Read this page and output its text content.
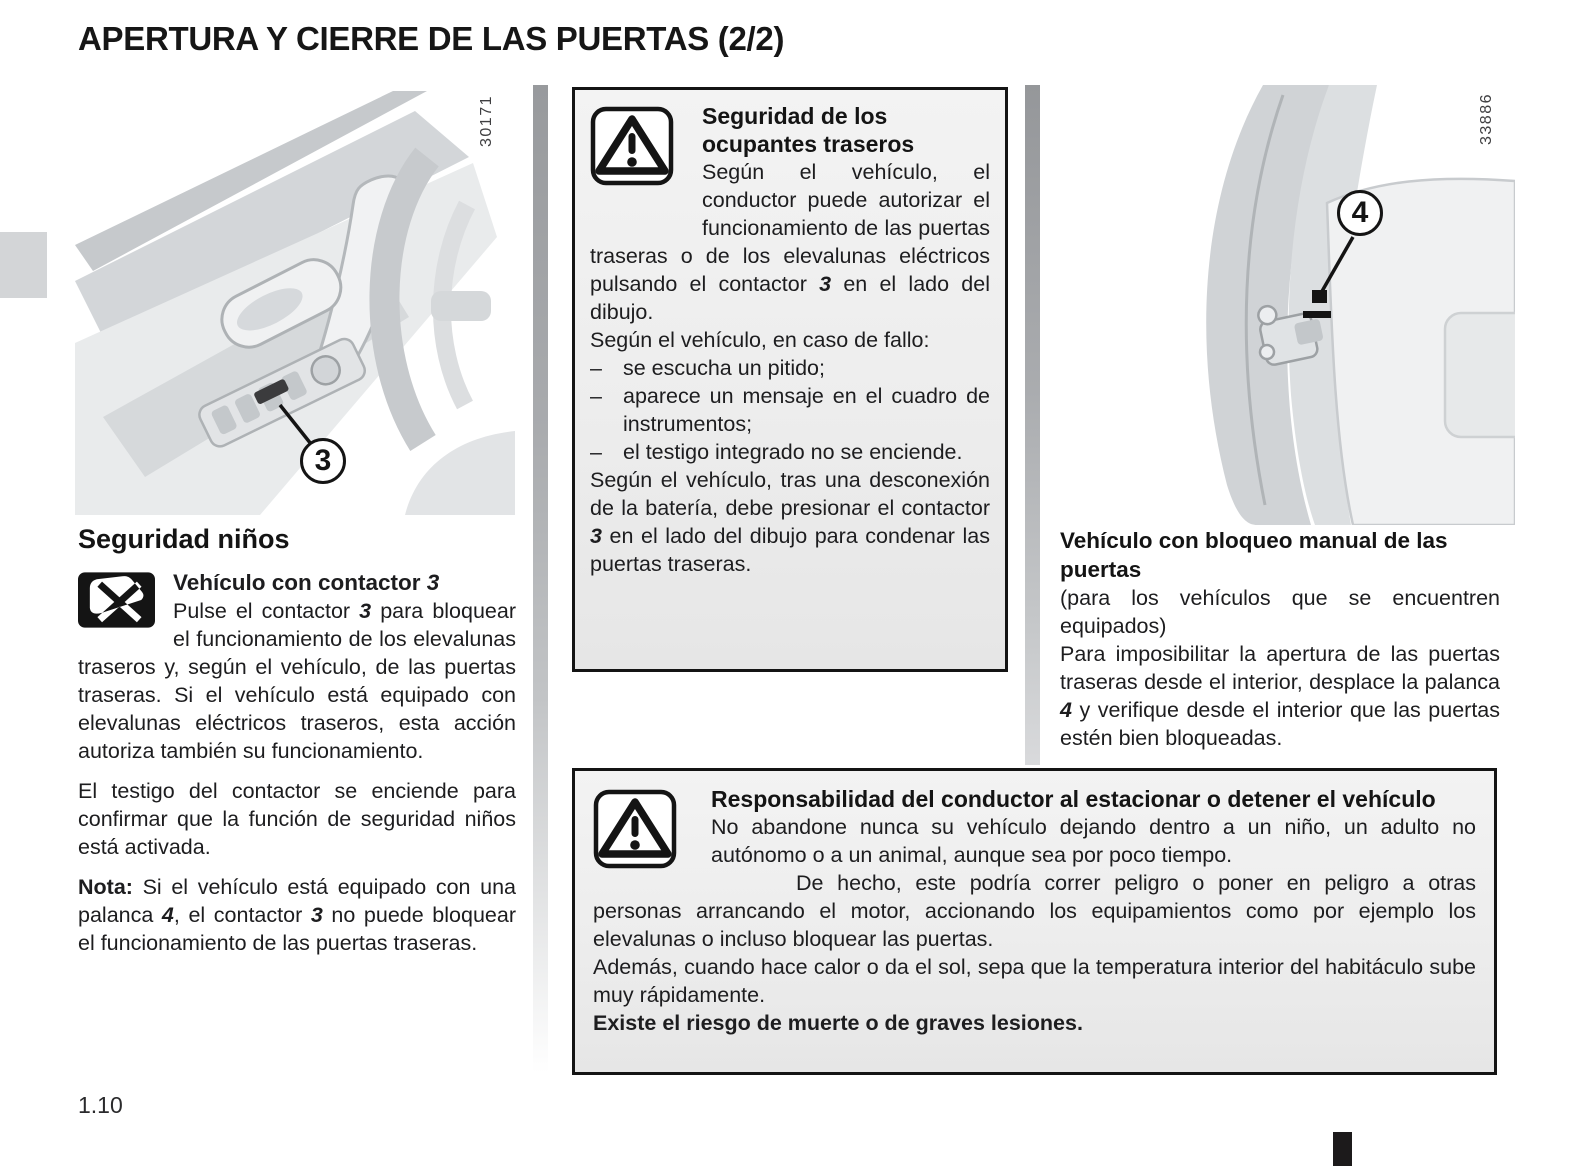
APERTURA Y CIERRE DE LAS PUERTAS (2/2)
30171
3
33886
4
Seguridad niños
Vehículo con contactor 3

Pulse el contactor 3 para bloquear el funcionamiento de los elevalunas traseros y, según el vehículo, de las puertas traseras. Si el vehículo está equipado con elevalunas eléctricos traseros, esta acción autoriza también su funcionamiento.

El testigo del contactor se enciende para confirmar que la función de seguridad niños está activada.

Nota: Si el vehículo está equipado con una palanca 4, el contactor 3 no puede bloquear el funcionamiento de las puertas traseras.

Seguridad de los ocupantes traseros

Según el vehículo, el conductor puede autorizar el funcionamiento de las puertas traseras o de los elevalunas eléctricos pulsando el contactor 3 en el lado del dibujo.

Según el vehículo, en caso de fallo:

– se escucha un pitido;

– aparece un mensaje en el cuadro de instrumentos;

– el testigo integrado no se enciende.

Según el vehículo, tras una desconexión de la batería, debe presionar el contactor 3 en el lado del dibujo para condenar las puertas traseras.

Vehículo con bloqueo manual de las puertas

(para los vehículos que se encuentren equipados)

Para imposibilitar la apertura de las puertas traseras desde el interior, desplace la palanca 4 y verifique desde el interior que las puertas estén bien bloqueadas.

Responsabilidad del conductor al estacionar o detener el vehículo

No abandone nunca su vehículo dejando dentro a un niño, un adulto no autónomo o a un animal, aunque sea por poco tiempo.

De hecho, este podría correr peligro o poner en peligro a otras personas arrancando el motor, accionando los equipamientos como por ejemplo los elevalunas o incluso bloquear las puertas.

Además, cuando hace calor o da el sol, sepa que la temperatura interior del habitáculo sube muy rápidamente.

Existe el riesgo de muerte o de graves lesiones.

1.10
